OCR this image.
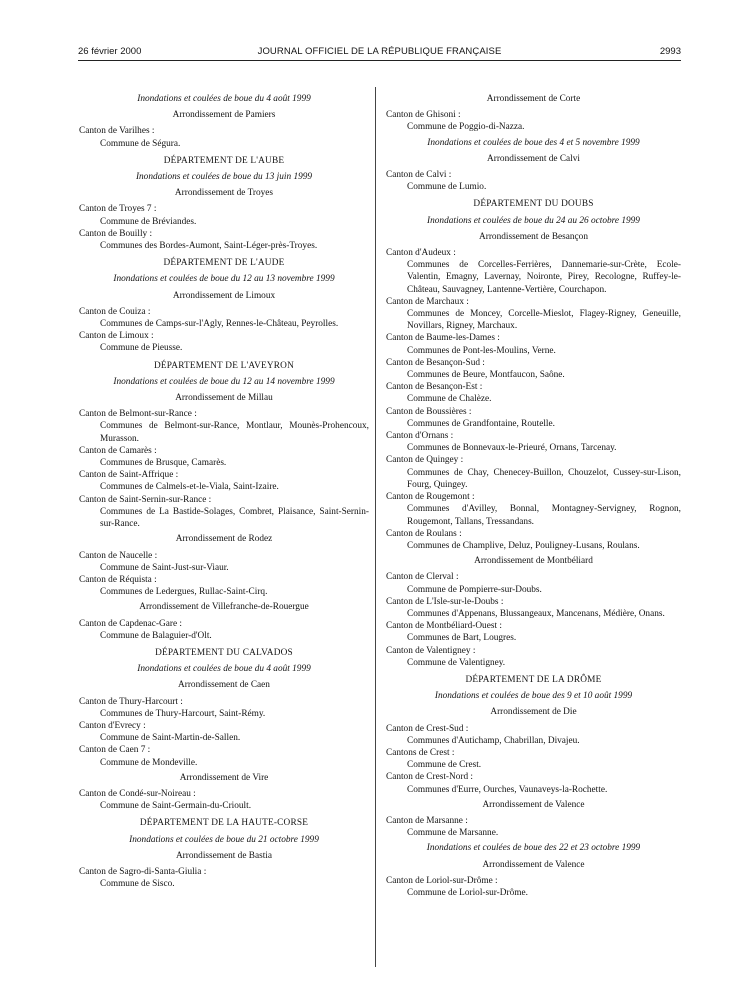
26 février 2000	JOURNAL OFFICIEL DE LA RÉPUBLIQUE FRANÇAISE	2993
Inondations et coulées de boue du 4 août 1999
Arrondissement de Pamiers
Canton de Varilhes :
Commune de Ségura.
DÉPARTEMENT DE L'AUBE
Inondations et coulées de boue du 13 juin 1999
Arrondissement de Troyes
Canton de Troyes 7 :
Commune de Bréviandes.
Canton de Bouilly :
Communes des Bordes-Aumont, Saint-Léger-près-Troyes.
DÉPARTEMENT DE L'AUDE
Inondations et coulées de boue du 12 au 13 novembre 1999
Arrondissement de Limoux
Canton de Couiza :
Communes de Camps-sur-l'Agly, Rennes-le-Château, Peyrolles.
Canton de Limoux :
Commune de Pieusse.
DÉPARTEMENT DE L'AVEYRON
Inondations et coulées de boue du 12 au 14 novembre 1999
Arrondissement de Millau
Canton de Belmont-sur-Rance :
Communes de Belmont-sur-Rance, Montlaur, Mounès-Prohencoux, Murasson.
Canton de Camarès :
Communes de Brusque, Camarès.
Canton de Saint-Affrique :
Communes de Calmels-et-le-Viala, Saint-Izaire.
Canton de Saint-Sernin-sur-Rance :
Communes de La Bastide-Solages, Combret, Plaisance, Saint-Sernin-sur-Rance.
Arrondissement de Rodez
Canton de Naucelle :
Commune de Saint-Just-sur-Viaur.
Canton de Réquista :
Communes de Ledergues, Rullac-Saint-Cirq.
Arrondissement de Villefranche-de-Rouergue
Canton de Capdenac-Gare :
Commune de Balaguier-d'Olt.
DÉPARTEMENT DU CALVADOS
Inondations et coulées de boue du 4 août 1999
Arrondissement de Caen
Canton de Thury-Harcourt :
Communes de Thury-Harcourt, Saint-Rémy.
Canton d'Evrecy :
Commune de Saint-Martin-de-Sallen.
Canton de Caen 7 :
Commune de Mondeville.
Arrondissement de Vire
Canton de Condé-sur-Noireau :
Commune de Saint-Germain-du-Crioult.
DÉPARTEMENT DE LA HAUTE-CORSE
Inondations et coulées de boue du 21 octobre 1999
Arrondissement de Bastia
Canton de Sagro-di-Santa-Giulia :
Commune de Sisco.
Arrondissement de Corte
Canton de Ghisoni :
Commune de Poggio-di-Nazza.
Inondations et coulées de boue des 4 et 5 novembre 1999
Arrondissement de Calvi
Canton de Calvi :
Commune de Lumio.
DÉPARTEMENT DU DOUBS
Inondations et coulées de boue du 24 au 26 octobre 1999
Arrondissement de Besançon
Canton d'Audeux :
Communes de Corcelles-Ferrières, Dannemarie-sur-Crète, Ecole-Valentin, Emagny, Lavernay, Noironte, Pirey, Recologne, Ruffey-le-Château, Sauvagney, Lantenne-Vertière, Courchapon.
Canton de Marchaux :
Communes de Moncey, Corcelle-Mieslot, Flagey-Rigney, Geneuille, Novillars, Rigney, Marchaux.
Canton de Baume-les-Dames :
Communes de Pont-les-Moulins, Verne.
Canton de Besançon-Sud :
Communes de Beure, Montfaucon, Saône.
Canton de Besançon-Est :
Commune de Chalèze.
Canton de Boussières :
Communes de Grandfontaine, Routelle.
Canton d'Ornans :
Communes de Bonnevaux-le-Prieuré, Ornans, Tarcenay.
Canton de Quingey :
Communes de Chay, Chenecey-Buillon, Chouzelot, Cussey-sur-Lison, Fourg, Quingey.
Canton de Rougemont :
Communes d'Avilley, Bonnal, Montagney-Servigney, Rognon, Rougemont, Tallans, Tressandans.
Canton de Roulans :
Communes de Champlive, Deluz, Pouligney-Lusans, Roulans.
Arrondissement de Montbéliard
Canton de Clerval :
Commune de Pompierre-sur-Doubs.
Canton de L'Isle-sur-le-Doubs :
Communes d'Appenans, Blussangeaux, Mancenans, Médière, Onans.
Canton de Montbéliard-Ouest :
Communes de Bart, Lougres.
Canton de Valentigney :
Commune de Valentigney.
DÉPARTEMENT DE LA DRÔME
Inondations et coulées de boue des 9 et 10 août 1999
Arrondissement de Die
Canton de Crest-Sud :
Communes d'Autichamp, Chabrillan, Divajeu.
Cantons de Crest :
Commune de Crest.
Canton de Crest-Nord :
Communes d'Eurre, Ourches, Vaunaveys-la-Rochette.
Arrondissement de Valence
Canton de Marsanne :
Commune de Marsanne.
Inondations et coulées de boue des 22 et 23 octobre 1999
Arrondissement de Valence
Canton de Loriol-sur-Drôme :
Commune de Loriol-sur-Drôme.
